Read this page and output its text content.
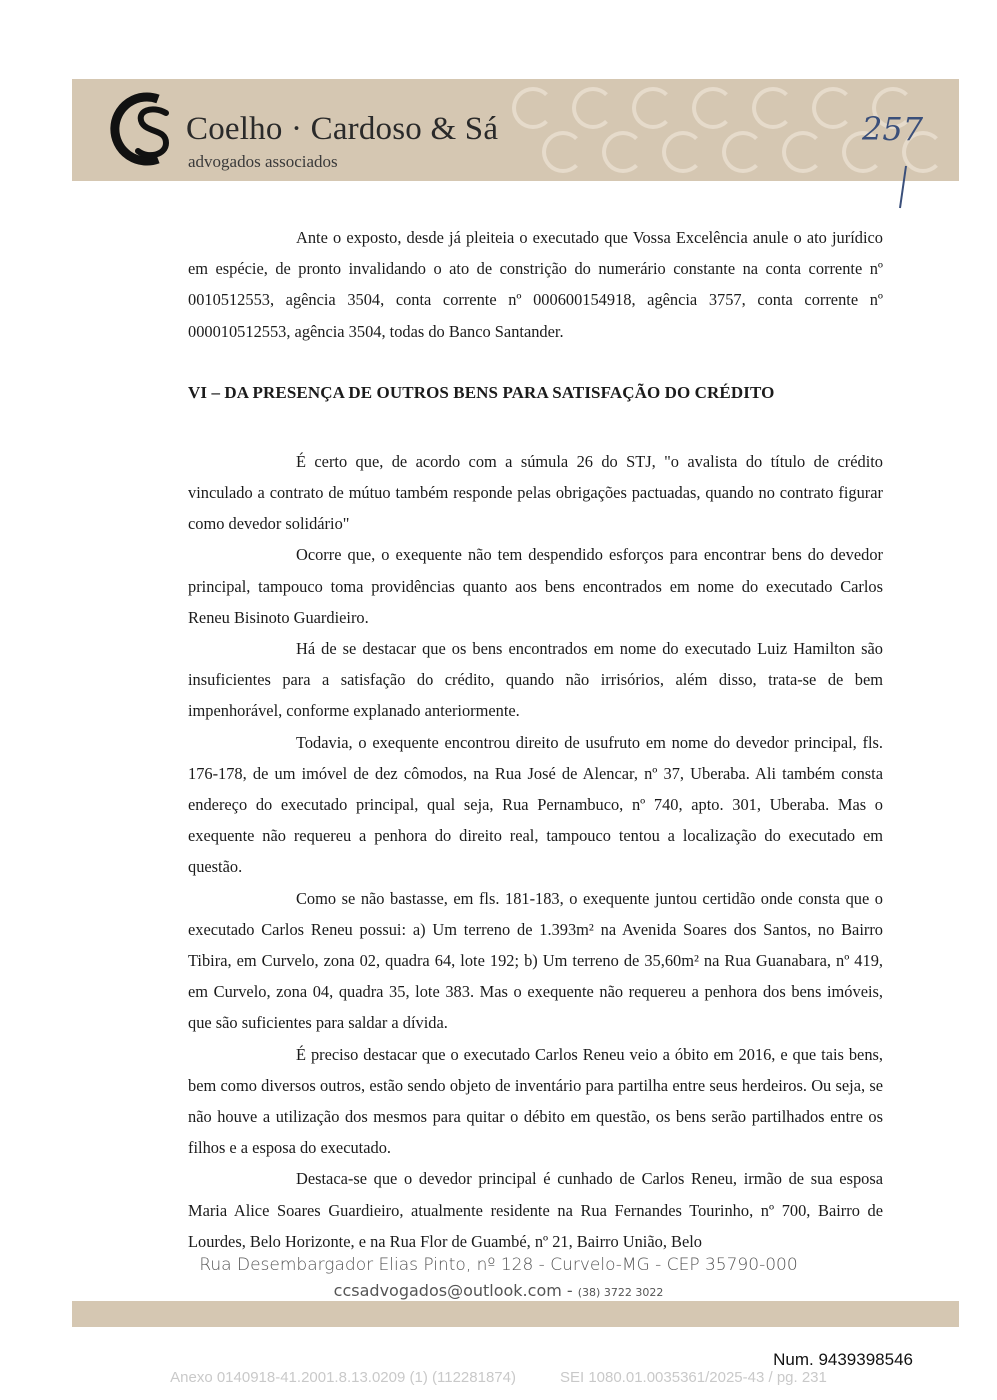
Coelho · Cardoso & Sá
advogados associados
257

Ante o exposto, desde já pleiteia o executado que Vossa Excelência anule o ato jurídico em espécie, de pronto invalidando o ato de constrição do numerário constante na conta corrente nº 0010512553, agência 3504, conta corrente nº 000600154918, agência 3757, conta corrente nº 000010512553, agência 3504, todas do Banco Santander.

VI – DA PRESENÇA DE OUTROS BENS PARA SATISFAÇÃO DO CRÉDITO

É certo que, de acordo com a súmula 26 do STJ, "o avalista do título de crédito vinculado a contrato de mútuo também responde pelas obrigações pactuadas, quando no contrato figurar como devedor solidário"

Ocorre que, o exequente não tem despendido esforços para encontrar bens do devedor principal, tampouco toma providências quanto aos bens encontrados em nome do executado Carlos Reneu Bisinoto Guardieiro.

Há de se destacar que os bens encontrados em nome do executado Luiz Hamilton são insuficientes para a satisfação do crédito, quando não irrisórios, além disso, trata-se de bem impenhorável, conforme explanado anteriormente.

Todavia, o exequente encontrou direito de usufruto em nome do devedor principal, fls. 176-178, de um imóvel de dez cômodos, na Rua José de Alencar, nº 37, Uberaba. Ali também consta endereço do executado principal, qual seja, Rua Pernambuco, nº 740, apto. 301, Uberaba. Mas o exequente não requereu a penhora do direito real, tampouco tentou a localização do executado em questão.

Como se não bastasse, em fls. 181-183, o exequente juntou certidão onde consta que o executado Carlos Reneu possui: a) Um terreno de 1.393m² na Avenida Soares dos Santos, no Bairro Tibira, em Curvelo, zona 02, quadra 64, lote 192; b) Um terreno de 35,60m² na Rua Guanabara, nº 419, em Curvelo, zona 04, quadra 35, lote 383. Mas o exequente não requereu a penhora dos bens imóveis, que são suficientes para saldar a dívida.

É preciso destacar que o executado Carlos Reneu veio a óbito em 2016, e que tais bens, bem como diversos outros, estão sendo objeto de inventário para partilha entre seus herdeiros. Ou seja, se não houve a utilização dos mesmos para quitar o débito em questão, os bens serão partilhados entre os filhos e a esposa do executado.

Destaca-se que o devedor principal é cunhado de Carlos Reneu, irmão de sua esposa Maria Alice Soares Guardieiro, atualmente residente na Rua Fernandes Tourinho, nº 700, Bairro de Lourdes, Belo Horizonte, e na Rua Flor de Guambé, nº 21, Bairro União, Belo

Rua Desembargador Elias Pinto, nº 128 - Curvelo-MG - CEP 35790-000
ccsadvogados@outlook.com - (38) 3722 3022
Num. 9439398546
Anexo 0140918-41.2001.8.13.0209 (1) (112281874)	SEI 1080.01.0035361/2025-43 / pg. 231
